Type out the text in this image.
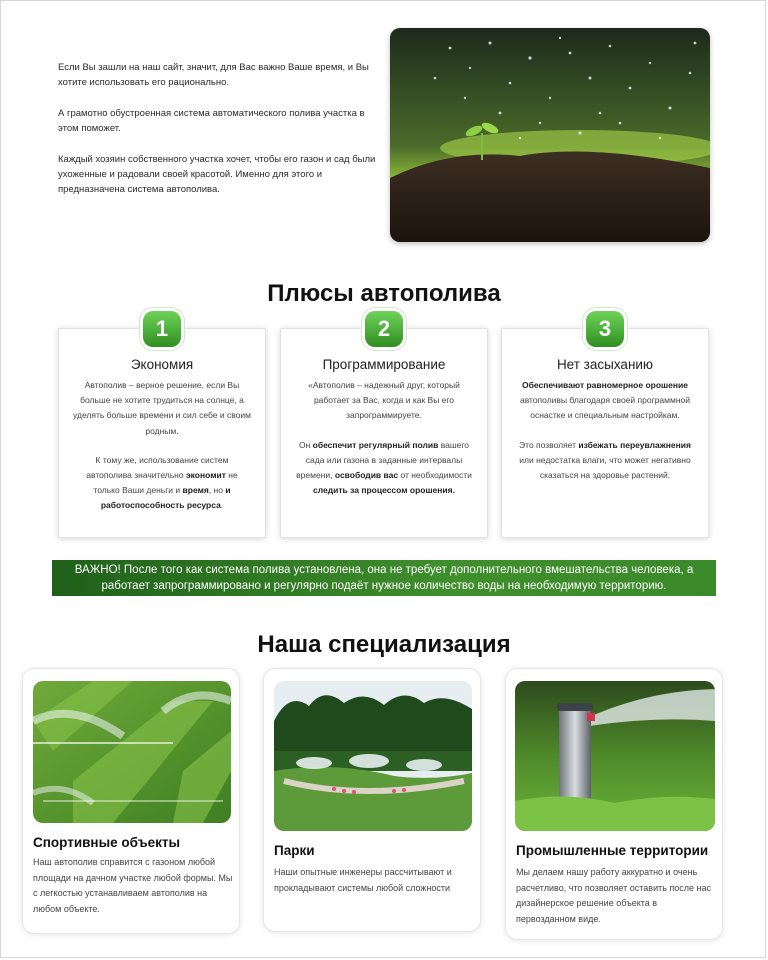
Если Вы зашли на наш сайт, значит, для Вас важно Ваше время, и Вы хотите использовать его рационально.

А грамотно обустроенная система автоматического полива участка в этом поможет.

Каждый хозяин собственного участка хочет, чтобы его газон и сад были ухоженные и радовали своей красотой. Именно для этого и предназначена система автополива.

Плюсы автополива
1
Экономия

Автополив – верное решение, если Вы больше не хотите трудиться на солнце, а уделять больше времени и сил себе и своим родным.

К тому же, использование систем автополива значительно экономит не только Ваши деньги и время, но и работоспособность ресурса.

2
Программирование

«Автополив – надежный друг, который работает за Вас, когда и как Вы его запрограммируете.

Он обеспечит регулярный полив вашего сада или газона в заданные интервалы времени, освободив вас от необходимости следить за процессом орошения.

3
Нет засыханию

Обеспечивают равномерное орошение автополивы благодаря своей программной оснастке и специальным настройкам.

Это позволяет избежать переувлажнения или недостатка влаги, что может негативно сказаться на здоровье растений.

ВАЖНО! После того как система полива установлена, она не требует дополнительного вмешательства человека, а работает запрограммировано и регулярно подаёт нужное количество воды на необходимую территорию.
Наша специализация
Спортивные объекты
Наш автополив справится с газоном любой площади на дачном участке любой формы. Мы с легкостью устанавливаем автополив на любом объекте.
Парки
Наши опытные инженеры рассчитывают и прокладывают системы любой сложности
Промышленные территории
Мы делаем нашу работу аккуратно и очень расчетливо, что позволяет оставить после нас дизайнерское решение объекта в первозданном виде.
